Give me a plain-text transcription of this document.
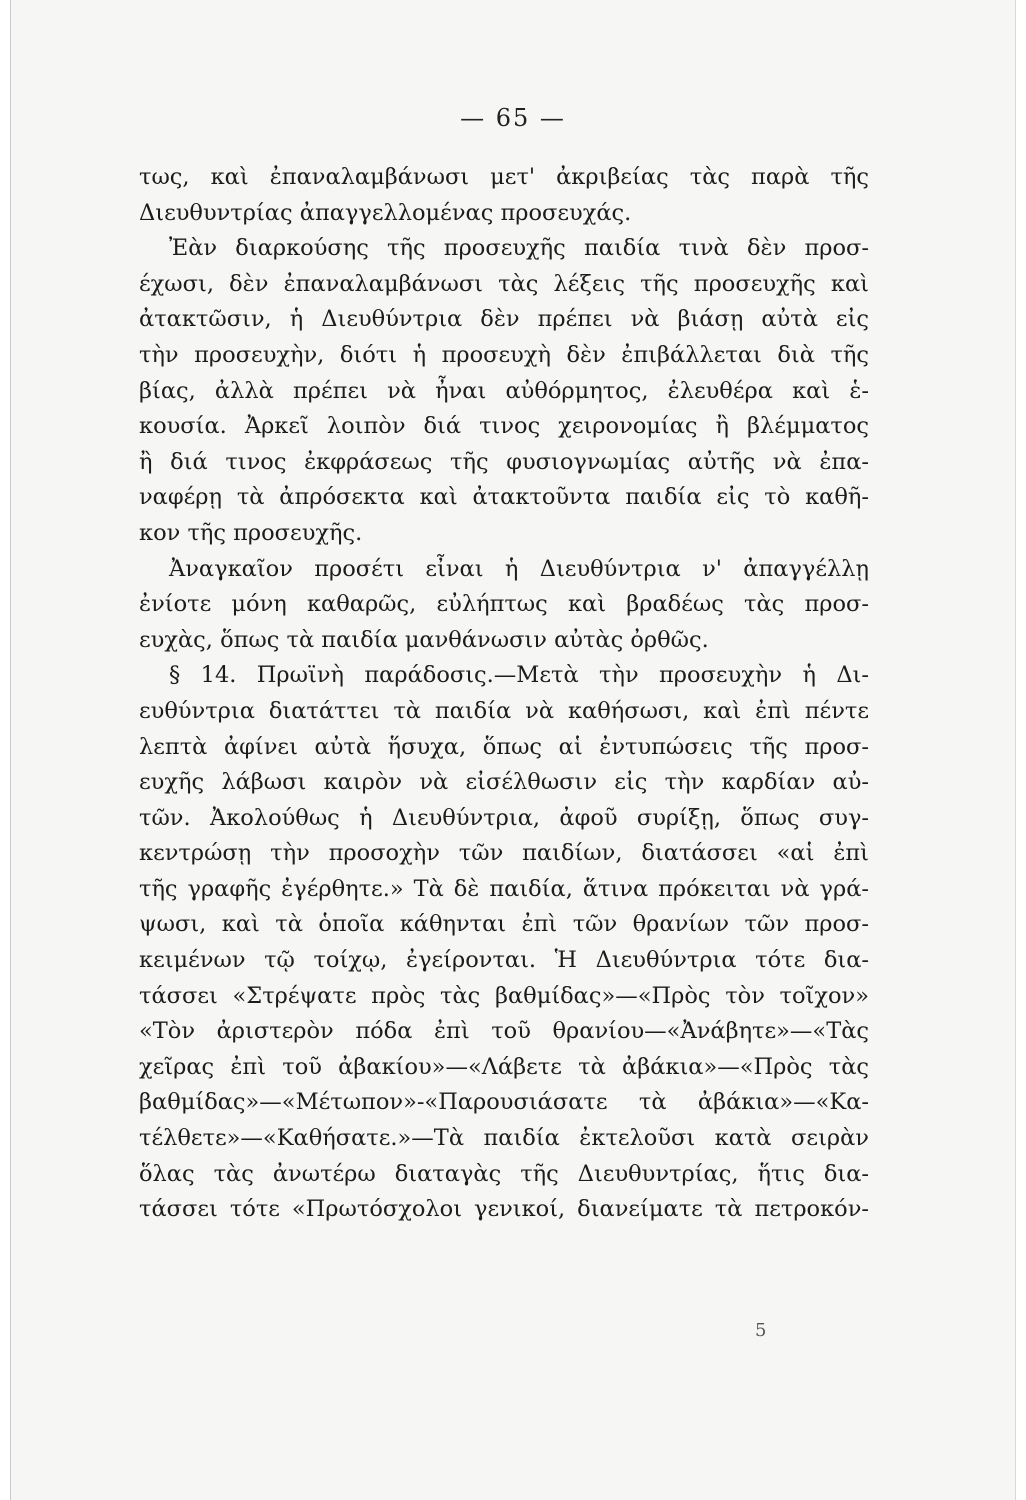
— 65 —
τως, καὶ ἐπαναλαμβάνωσι μετ' ἀκριβείας τὰς παρὰ τῆς
Διευθυντρίας ἀπαγγελλομένας προσευχάς.
Ἐὰν διαρκούσης τῆς προσευχῆς παιδία τινὰ δὲν προσ-
έχωσι, δὲν ἐπαναλαμβάνωσι τὰς λέξεις τῆς προσευχῆς καὶ
ἀτακτῶσιν, ἡ Διευθύντρια δὲν πρέπει νὰ βιάσῃ αὐτὰ εἰς
τὴν προσευχὴν, διότι ἡ προσευχὴ δὲν ἐπιβάλλεται διὰ τῆς
βίας, ἀλλὰ πρέπει νὰ ἦναι αὐθόρμητος, ἐλευθέρα καὶ ἑ-
κουσία. Ἀρκεῖ λοιπὸν διά τινος χειρονομίας ἢ βλέμματος
ἢ διά τινος ἐκφράσεως τῆς φυσιογνωμίας αὐτῆς νὰ ἐπα-
ναφέρῃ τὰ ἀπρόσεκτα καὶ ἀτακτοῦντα παιδία εἰς τὸ καθῆ-
κον τῆς προσευχῆς.
Ἀναγκαῖον προσέτι εἶναι ἡ Διευθύντρια ν' ἀπαγγέλλῃ
ἐνίοτε μόνη καθαρῶς, εὐλήπτως καὶ βραδέως τὰς προσ-
ευχὰς, ὅπως τὰ παιδία μανθάνωσιν αὐτὰς ὀρθῶς.
§ 14. Πρωϊνὴ παράδοσις.—Μετὰ τὴν προσευχὴν ἡ Δι-
ευθύντρια διατάττει τὰ παιδία νὰ καθήσωσι, καὶ ἐπὶ πέντε
λεπτὰ ἀφίνει αὐτὰ ἥσυχα, ὅπως αἱ ἐντυπώσεις τῆς προσ-
ευχῆς λάβωσι καιρὸν νὰ εἰσέλθωσιν εἰς τὴν καρδίαν αὐ-
τῶν. Ἀκολούθως ἡ Διευθύντρια, ἀφοῦ συρίξῃ, ὅπως συγ-
κεντρώσῃ τὴν προσοχὴν τῶν παιδίων, διατάσσει «αἱ ἐπὶ
τῆς γραφῆς ἐγέρθητε.» Τὰ δὲ παιδία, ἅτινα πρόκειται νὰ γρά-
ψωσι, καὶ τὰ ὁποῖα κάθηνται ἐπὶ τῶν θρανίων τῶν προσ-
κειμένων τῷ τοίχῳ, ἐγείρονται. Ἡ Διευθύντρια τότε δια-
τάσσει «Στρέψατε πρὸς τὰς βαθμίδας»—«Πρὸς τὸν τοῖχον»
«Τὸν ἀριστερὸν πόδα ἐπὶ τοῦ θρανίου—«Ἀνάβητε»—«Τὰς
χεῖρας ἐπὶ τοῦ ἀβακίου»—«Λάβετε τὰ ἀβάκια»—«Πρὸς τὰς
βαθμίδας»—«Μέτωπον»-«Παρουσιάσατε τὰ ἀβάκια»—«Κα-
τέλθετε»—«Καθήσατε.»—Τὰ παιδία ἐκτελοῦσι κατὰ σειρὰν
ὅλας τὰς ἀνωτέρω διαταγὰς τῆς Διευθυντρίας, ἥτις δια-
τάσσει τότε «Πρωτόσχολοι γενικοί, διανείματε τὰ πετροκόν-
5
